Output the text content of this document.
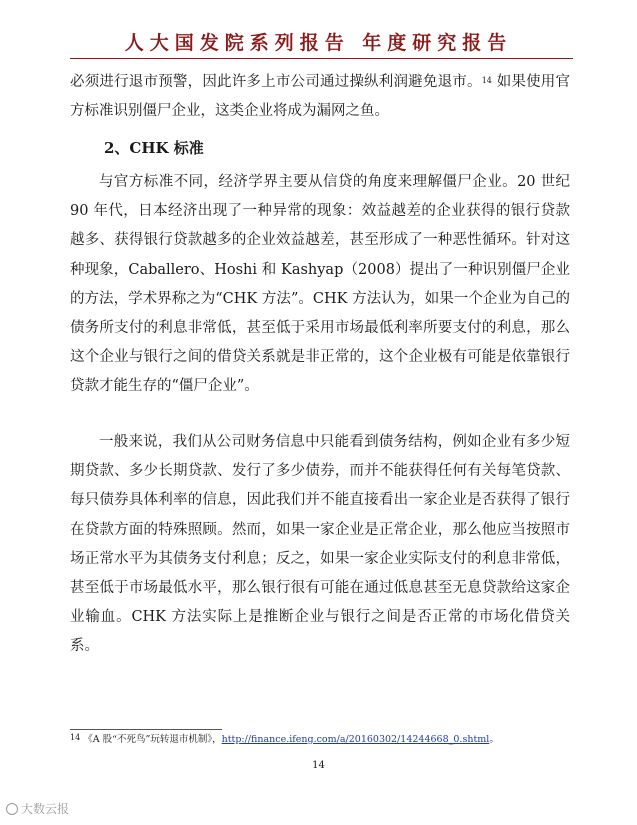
人大国发院系列报告 年度研究报告
必须进行退市预警，因此许多上市公司通过操纵利润避免退市。$^{14}$ 如果使用官方标准识别僵尸企业，这类企业将成为漏网之鱼。
2、CHK 标准
与官方标准不同，经济学界主要从信贷的角度来理解僵尸企业。20 世纪 90 年代，日本经济出现了一种异常的现象：效益越差的企业获得的银行贷款越多、获得银行贷款越多的企业效益越差，甚至形成了一种恶性循环。针对这种现象，Caballero、Hoshi 和 Kashyap（2008）提出了一种识别僵尸企业的方法，学术界称之为“CHK 方法”。CHK 方法认为，如果一个企业为自己的债务所支付的利息非常低，甚至低于采用市场最低利率所要支付的利息，那么这个企业与银行之间的借贷关系就是非正常的，这个企业极有可能是依靠银行贷款才能生存的“僵尸企业”。
一般来说，我们从公司财务信息中只能看到债务结构，例如企业有多少短期贷款、多少长期贷款、发行了多少债券，而并不能获得任何有关每笔贷款、每只债券具体利率的信息，因此我们并不能直接看出一家企业是否获得了银行在贷款方面的特殊照顾。然而，如果一家企业是正常企业，那么他应当按照市场正常水平为其债务支付利息；反之，如果一家企业实际支付的利息非常低，甚至低于市场最低水平，那么银行很有可能在通过低息甚至无息贷款给这家企业输血。CHK 方法实际上是推断企业与银行之间是否正常的市场化借贷关系。
$^{14}$ 《A 股“不死鸟”玩转退市机制》，http://finance.ifeng.com/a/20160302/14244668_0.shtml。
14
大数云报
